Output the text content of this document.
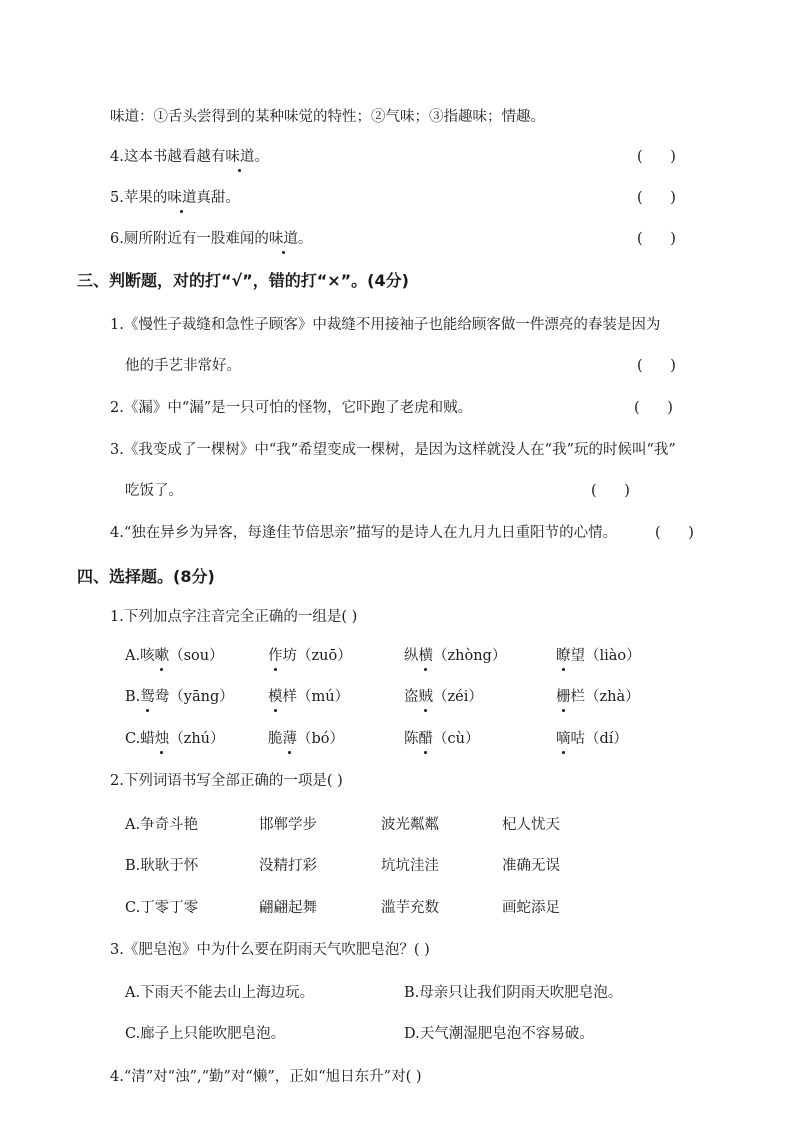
味道：①舌头尝得到的某种味觉的特性；②气味；③指趣味；情趣。
4.这本书越看越有味道。	(      )
5.苹果的味道真甜。	(      )
6.厕所附近有一股难闻的味道。	(      )
三、判断题，对的打“√”，错的打“×”。(4分)
1.《慢性子裁缝和急性子顾客》中裁缝不用接袖子也能给顾客做一件漂亮的春装是因为
他的手艺非常好。	(      )
2.《漏》中“漏”是一只可怕的怪物，它吓跑了老虎和贼。	(      )
3.《我变成了一棵树》中“我”希望变成一棵树，是因为这样就没人在“我”玩的时候叫“我”
吃饭了。	(      )
4.“独在异乡为异客，每逢佳节倍思亲”描写的是诗人在九月九日重阳节的心情。	(      )
四、选择题。(8分)
1.下列加点字注音完全正确的一组是( )
A.咳嗽（sou）	作坊（zuō）	纵横（zhòng）	瞭望（liào）
B.鸳鸯（yāng） 模样（mú）	盗贼（zéi）	栅栏（zhà）
C.蜡烛（zhú）	脆薄（bó）	陈醋（cù）	嘀咕（dí）
2.下列词语书写全部正确的一项是( )
A.争奇斗艳	邯郸学步	波光粼粼	杞人忧天
B.耿耿于怀	没精打彩	坑坑洼洼	准确无误
C.丁零丁零	翩翩起舞	滥芋充数	画蛇添足
3.《肥皂泡》中为什么要在阴雨天气吹肥皂泡？( )
A.下雨天不能去山上海边玩。	B.母亲只让我们阴雨天吹肥皂泡。
C.廊子上只能吹肥皂泡。	D.天气潮湿肥皂泡不容易破。
4.“清”对“浊”,“勤”对“懒”，正如“旭日东升”对( )
